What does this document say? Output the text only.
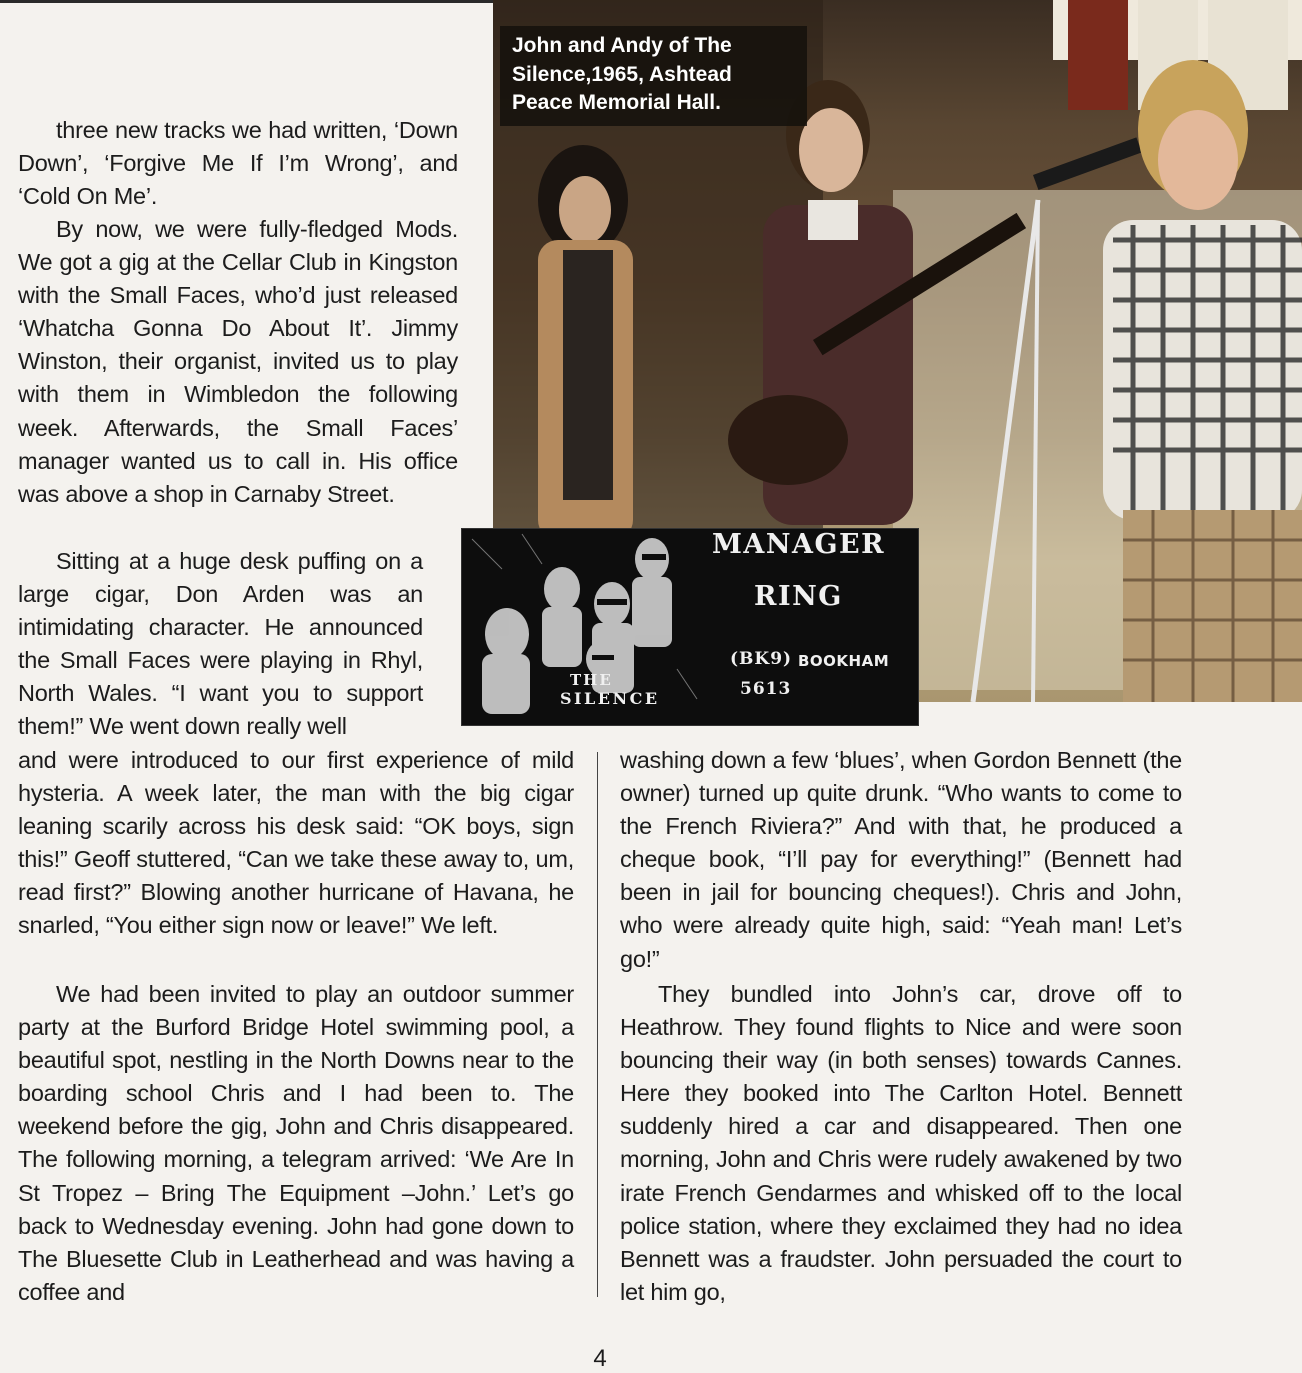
John and Andy of The Silence,1965, Ashtead Peace Memorial Hall.
MANAGER
RING
(BK9) BOOKHAM
5613
THE
SILENCE

three new tracks we had written, ‘Down Down’, ‘Forgive Me If I’m Wrong’, and ‘Cold On Me’.

By now, we were fully-fledged Mods. We got a gig at the Cellar Club in Kingston with the Small Faces, who’d just released ‘Whatcha Gonna Do About It’. Jimmy Winston, their organist, invited us to play with them in Wimbledon the following week. Afterwards, the Small Faces’ manager wanted us to call in. His office was above a shop in Carnaby Street.

Sitting at a huge desk puffing on a large cigar, Don Arden was an intimidating character. He announced the Small Faces were playing in Rhyl, North Wales. “I want you to support them!” We went down really well

and were introduced to our first experience of mild hysteria. A week later, the man with the big cigar leaning scarily across his desk said: “OK boys, sign this!” Geoff stuttered, “Can we take these away to, um, read first?” Blowing another hurricane of Havana, he snarled, “You either sign now or leave!” We left.

We had been invited to play an outdoor summer party at the Burford Bridge Hotel swimming pool, a beautiful spot, nestling in the North Downs near to the boarding school Chris and I had been to. The weekend before the gig, John and Chris disappeared. The following morning, a telegram arrived: ‘We Are In St Tropez – Bring The Equipment –John.’ Let’s go back to Wednesday evening. John had gone down to The Bluesette Club in Leatherhead and was having a coffee and

washing down a few ‘blues’, when Gordon Bennett (the owner) turned up quite drunk. “Who wants to come to the French Riviera?” And with that, he produced a cheque book, “I’ll pay for everything!” (Bennett had been in jail for bouncing cheques!). Chris and John, who were already quite high, said: “Yeah man! Let’s go!”

They bundled into John’s car, drove off to Heathrow. They found flights to Nice and were soon bouncing their way (in both senses) towards Cannes. Here they booked into The Carlton Hotel. Bennett suddenly hired a car and disappeared. Then one morning, John and Chris were rudely awakened by two irate French Gendarmes and whisked off to the local police station, where they exclaimed they had no idea Bennett was a fraudster. John persuaded the court to let him go,

4
